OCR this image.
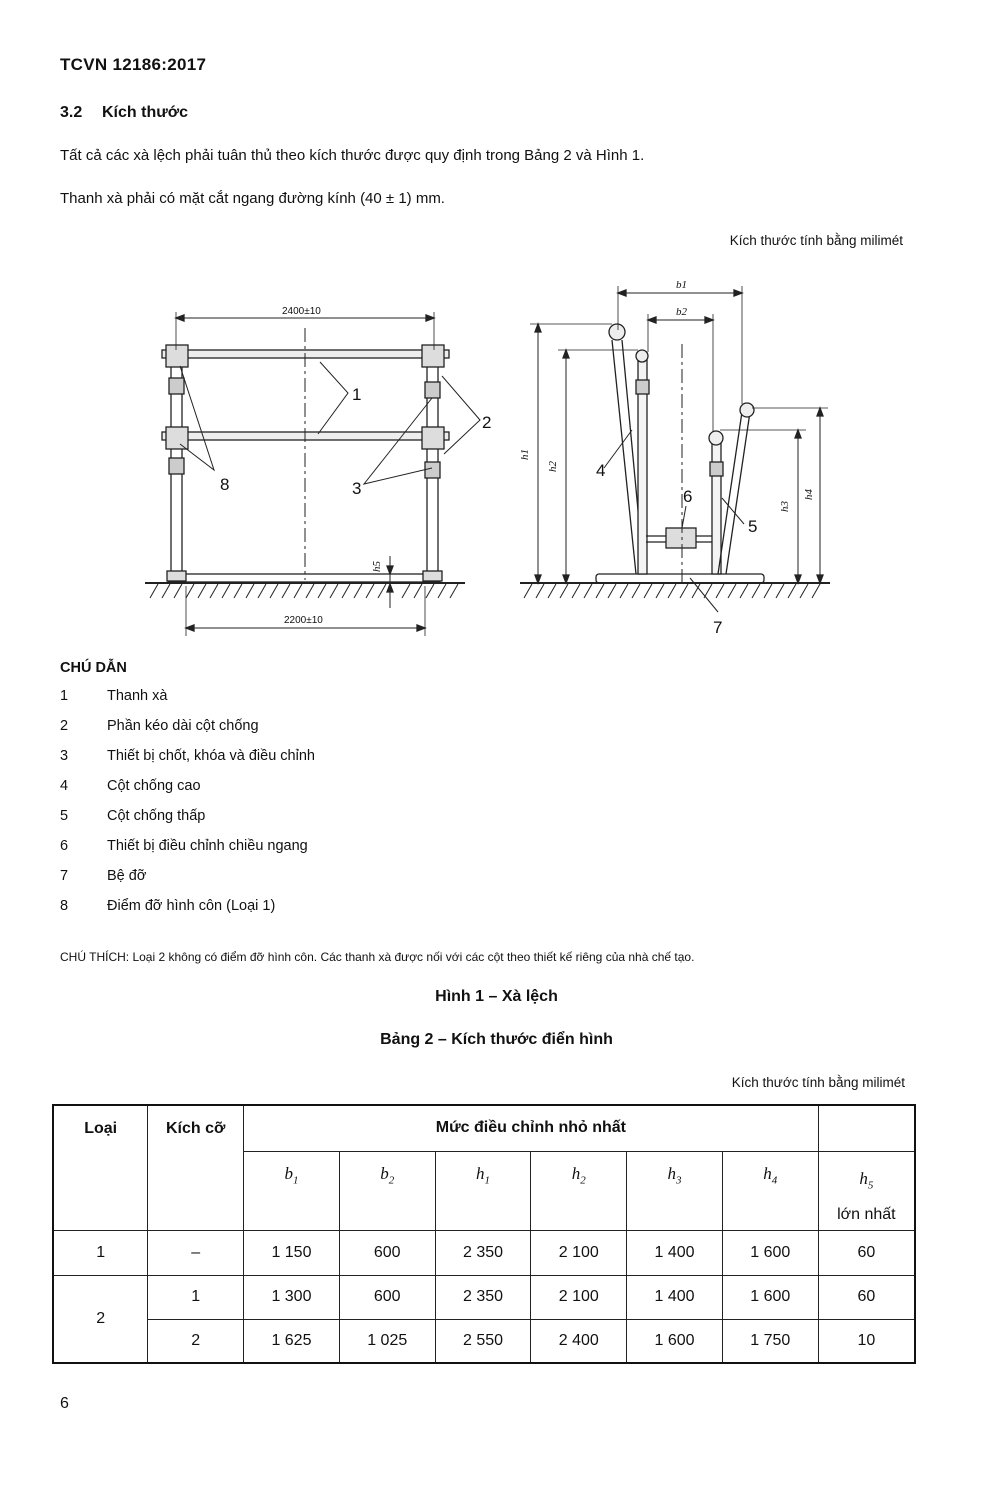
TCVN 12186:2017
3.2 Kích thước
Tất cả các xà lệch phải tuân thủ theo kích thước được quy định trong Bảng 2 và Hình 1.
Thanh xà phải có mặt cắt ngang đường kính (40 ± 1) mm.
Kích thước tính bằng milimét
2400±10
2200±10
1
2
3
8
4
5
6
7
b1
b2
h1
h2
h3
h4
h5
CHÚ DẪN
1	Thanh xà
2	Phần kéo dài cột chống
3	Thiết bị chốt, khóa và điều chỉnh
4	Cột chống cao
5	Cột chống thấp
6	Thiết bị điều chỉnh chiều ngang
7	Bệ đỡ
8	Điểm đỡ hình côn (Loại 1)
CHÚ THÍCH: Loại 2 không có điểm đỡ hình côn. Các thanh xà được nối với các cột theo thiết kế riêng của nhà chế tạo.
Hình 1 – Xà lệch
Bảng 2 – Kích thước điển hình
Kích thước tính bằng milimét
Loại	Kích cỡ	Mức điều chỉnh nhỏ nhất						
		$b_1$	$b_2$	$h_1$	$h_2$	$h_3$	$h_4$	$h_5$
lớn nhất
1	–	1 150	600	2 350	2 100	1 400	1 600	60
2	1	1 300	600	2 350	2 100	1 400	1 600	60
	2	1 625	1 025	2 550	2 400	1 600	1 750	10
6
